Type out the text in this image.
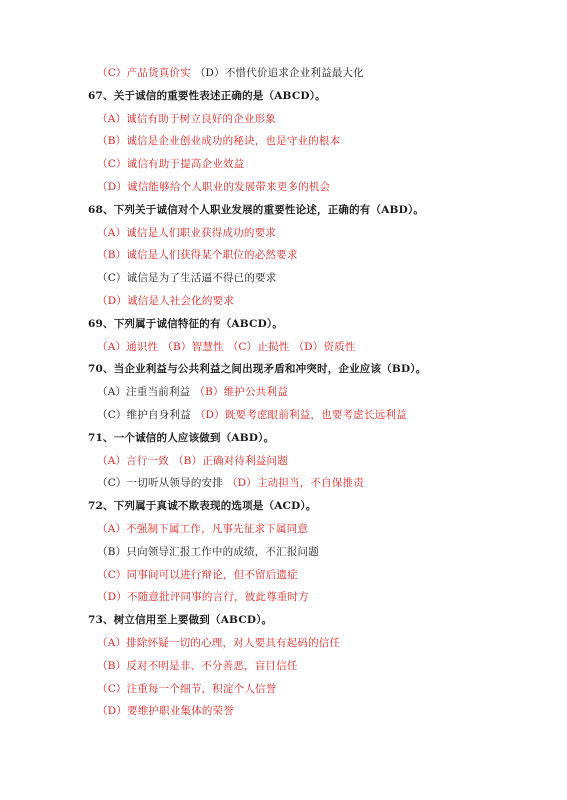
（C）产品货真价实 （D）不惜代价追求企业利益最大化
67、关于诚信的重要性表述正确的是（ABCD）。
（A）诚信有助于树立良好的企业形象
（B）诚信是企业创业成功的秘诀，也是守业的根本
（C）诚信有助于提高企业效益
（D）诚信能够给个人职业的发展带来更多的机会
68、下列关于诚信对个人职业发展的重要性论述，正确的有（ABD）。
（A）诚信是人们职业获得成功的要求
（B）诚信是人们获得某个职位的必然要求
（C）诚信是为了生活逼不得已的要求
（D）诚信是人社会化的要求
69、下列属于诚信特征的有（ABCD）。
（A）通识性 （B）智慧性 （C）止损性 （D）资质性
70、当企业利益与公共利益之间出现矛盾和冲突时，企业应该（BD）。
（A）注重当前利益 （B）维护公共利益
（C）维护自身利益 （D）既要考虑眼前利益，也要考虑长远利益
71、一个诚信的人应该做到（ABD）。
（A）言行一致 （B）正确对待利益问题
（C）一切听从领导的安排 （D）主动担当，不自保推责
72、下列属于真诚不欺表现的选项是（ACD）。
（A）不强制下属工作，凡事先征求下属同意
（B）只向领导汇报工作中的成绩，不汇报问题
（C）同事间可以进行辩论，但不留后遗症
（D）不随意批评同事的言行，彼此尊重时方
73、树立信用至上要做到（ABCD）。
（A）排除怀疑一切的心理，对人要具有起码的信任
（B）反对不明是非、不分善恶，盲目信任
（C）注重每一个细节，积淀个人信誉
（D）要维护职业集体的荣誉
